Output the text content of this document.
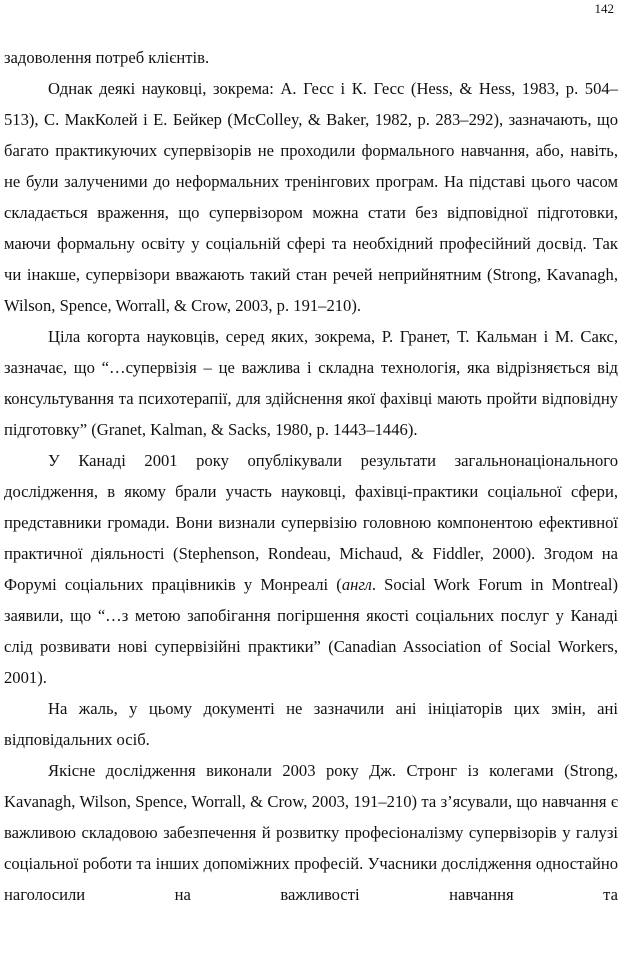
142

задоволення потреб клієнтів.

Однак деякі науковці, зокрема: А. Гесс і К. Гесс (Hess, & Hess, 1983, p. 504–513), С. МакКолей і Е. Бейкер (McColley, & Baker, 1982, p. 283–292), зазначають, що багато практикуючих супервізорів не проходили формального навчання, або, навіть, не були залученими до неформальних тренінгових програм. На підставі цього часом складається враження, що супервізором можна стати без відповідної підготовки, маючи формальну освіту у соціальній сфері та необхідний професійний досвід. Так чи інакше, супервізори вважають такий стан речей неприйнятним (Strong, Kavanagh, Wilson, Spence, Worrall, & Crow, 2003, p. 191–210).

Ціла когорта науковців, серед яких, зокрема, Р. Гранет, Т. Кальман і М. Сакс, зазначає, що “…супервізія – це важлива і складна технологія, яка відрізняється від консультування та психотерапії, для здійснення якої фахівці мають пройти відповідну підготовку” (Granet, Kalman, & Sacks, 1980, p. 1443–1446).

У Канаді 2001 року опублікували результати загальнонаціонального дослідження, в якому брали участь науковці, фахівці-практики соціальної сфери, представники громади. Вони визнали супервізію головною компонентою ефективної практичної діяльності (Stephenson, Rondeau, Michaud, & Fiddler, 2000). Згодом на Форумі соціальних працівників у Монреалі (англ. Social Work Forum in Montreal) заявили, що “…з метою запобігання погіршення якості соціальних послуг у Канаді слід розвивати нові супервізійні практики” (Canadian Association of Social Workers, 2001).

На жаль, у цьому документі не зазначили ані ініціаторів цих змін, ані відповідальних осіб.

Якісне дослідження виконали 2003 року Дж. Стронг із колегами (Strong, Kavanagh, Wilson, Spence, Worrall, & Crow, 2003, 191–210) та з’ясували, що навчання є важливою складовою забезпечення й розвитку професіоналізму супервізорів у галузі соціальної роботи та інших допоміжних професій. Учасники дослідження одностайно наголосили на важливості навчання та
